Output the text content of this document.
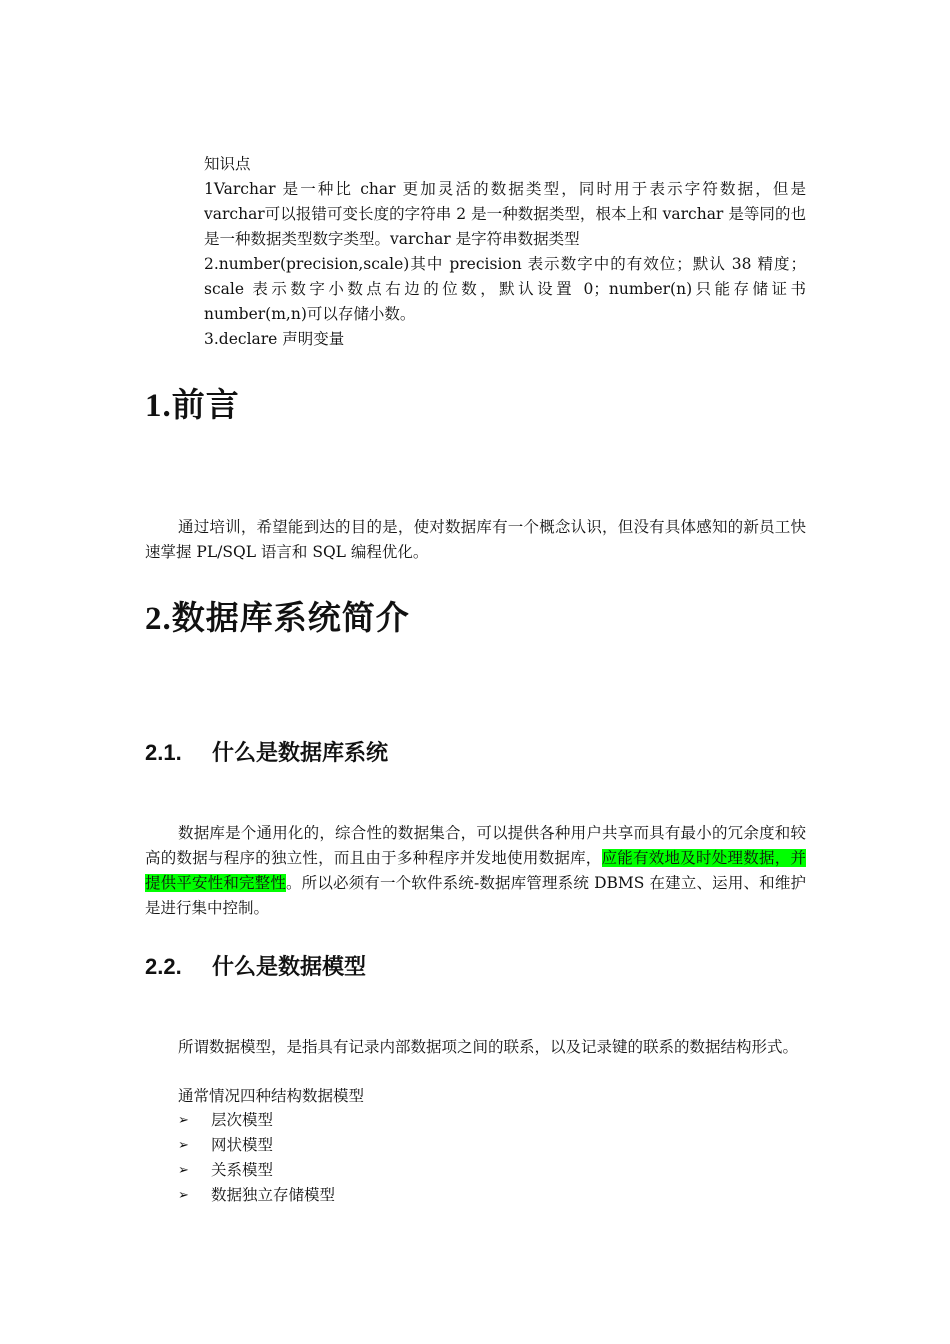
知识点

1Varchar 是一种比 char 更加灵活的数据类型，同时用于表示字符数据，但是 varchar可以报错可变长度的字符串 2 是一种数据类型，根本上和 varchar 是等同的也是一种数据类型数字类型。varchar 是字符串数据类型

2.number(precision,scale)其中 precision 表示数字中的有效位；默认 38 精度；scale 表示数字小数点右边的位数，默认设置 0；number(n)只能存储证书　 number(m,n)可以存储小数。

3.declare 声明变量

1.前言

通过培训，希望能到达的目的是，使对数据库有一个概念认识，但没有具体感知的新员工快速掌握 PL/SQL 语言和 SQL 编程优化。

2.数据库系统简介
2.1. 什么是数据库系统

数据库是个通用化的，综合性的数据集合，可以提供各种用户共享而具有最小的冗余度和较高的数据与程序的独立性，而且由于多种程序并发地使用数据库，应能有效地及时处理数据，并提供平安性和完整性。所以必须有一个软件系统-数据库管理系统 DBMS 在建立、运用、和维护是进行集中控制。

2.2. 什么是数据模型

所谓数据模型，是指具有记录内部数据项之间的联系，以及记录键的联系的数据结构形式。

通常情况四种结构数据模型

➢	层次模型
➢	网状模型
➢	关系模型
➢	数据独立存储模型
